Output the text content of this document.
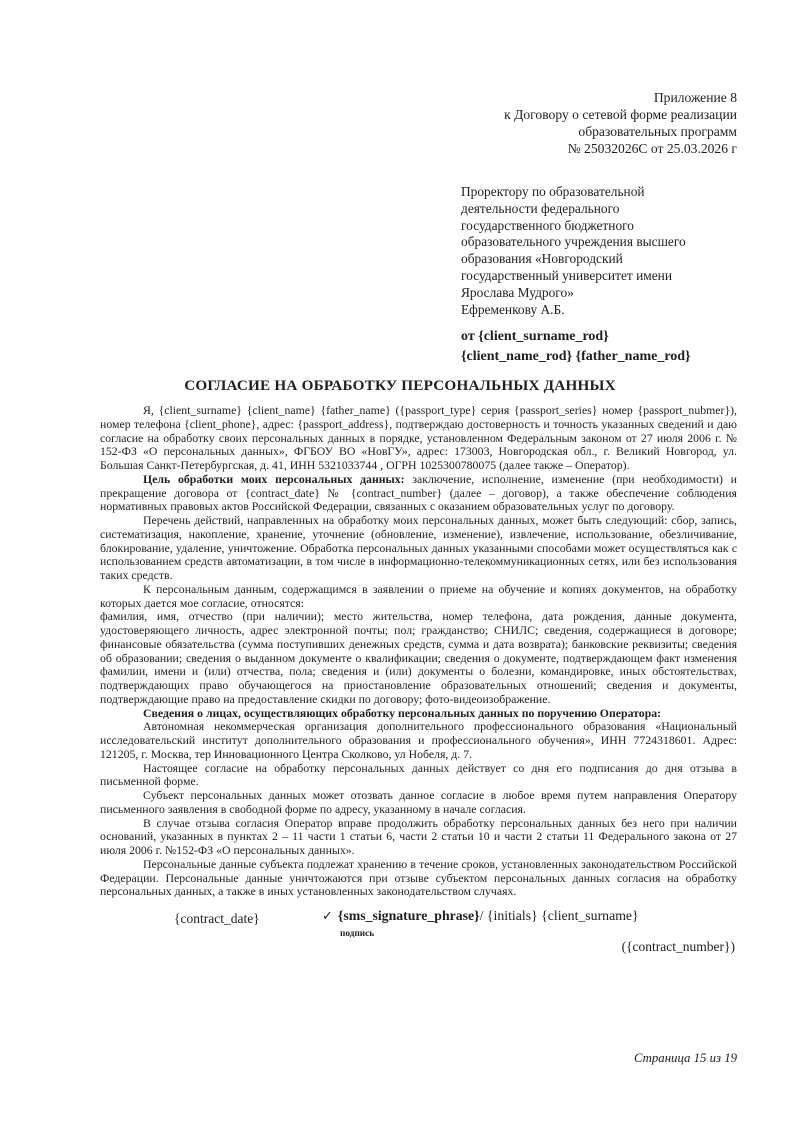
Приложение 8
к Договору о сетевой форме реализации
образовательных программ
№ 25032026С от 25.03.2026 г
Проректору по образовательной
деятельности федерального
государственного бюджетного
образовательного учреждения высшего
образования «Новгородский
государственный университет имени
Ярослава Мудрого»
Ефременкову А.Б.
от {client_surname_rod}
{client_name_rod} {father_name_rod}
СОГЛАСИЕ НА ОБРАБОТКУ ПЕРСОНАЛЬНЫХ ДАННЫХ

Я, {client_surname} {client_name} {father_name} ({passport_type} серия {passport_series} номер {passport_nubmer}), номер телефона {client_phone}, адрес: {passport_address}, подтверждаю достоверность и точность указанных сведений и даю согласие на обработку своих персональных данных в порядке, установленном Федеральным законом от 27 июля 2006 г. № 152-ФЗ «О персональных данных», ФГБОУ ВО «НовГУ», адрес: 173003, Новгородская обл., г. Великий Новгород, ул. Большая Санкт-Петербургская, д. 41, ИНН 5321033744 , ОГРН 1025300780075 (далее также – Оператор).

Цель обработки моих персональных данных: заключение, исполнение, изменение (при необходимости) и прекращение договора от {contract_date} № {contract_number} (далее – договор), а также обеспечение соблюдения нормативных правовых актов Российской Федерации, связанных с оказанием образовательных услуг по договору.

Перечень действий, направленных на обработку моих персональных данных, может быть следующий: сбор, запись, систематизация, накопление, хранение, уточнение (обновление, изменение), извлечение, использование, обезличивание, блокирование, удаление, уничтожение. Обработка персональных данных указанными способами может осуществляться как с использованием средств автоматизации, в том числе в информационно-телекоммуникационных сетях, или без использования таких средств.

К персональным данным, содержащимся в заявлении о приеме на обучение и копиях документов, на обработку которых дается мое согласие, относятся:

фамилия, имя, отчество (при наличии); место жительства, номер телефона, дата рождения, данные документа, удостоверяющего личность, адрес электронной почты; пол; гражданство; СНИЛС; сведения, содержащиеся в договоре; финансовые обязательства (сумма поступивших денежных средств, сумма и дата возврата); банковские реквизиты; сведения об образовании; сведения о выданном документе о квалификации; сведения о документе, подтверждающем факт изменения фамилии, имени и (или) отчества, пола; сведения и (или) документы о болезни, командировке, иных обстоятельствах, подтверждающих право обучающегося на приостановление образовательных отношений; сведения и документы, подтверждающие право на предоставление скидки по договору; фото-видеоизображение.

Сведения о лицах, осуществляющих обработку персональных данных по поручению Оператора:

Автономная некоммерческая организация дополнительного профессионального образования «Национальный исследовательский институт дополнительного образования и профессионального обучения», ИНН 7724318601. Адрес: 121205, г. Москва, тер Инновационного Центра Сколково, ул Нобеля, д. 7.

Настоящее согласие на обработку персональных данных действует со дня его подписания до дня отзыва в письменной форме.

Субъект персональных данных может отозвать данное согласие в любое время путем направления Оператору письменного заявления в свободной форме по адресу, указанному в начале согласия.

В случае отзыва согласия Оператор вправе продолжить обработку персональных данных без него при наличии оснований, указанных в пунктах 2 – 11 части 1 статьи 6, части 2 статьи 10 и части 2 статьи 11 Федерального закона от 27 июля 2006 г. №152-ФЗ «О персональных данных».

Персональные данные субъекта подлежат хранению в течение сроков, установленных законодательством Российской Федерации. Персональные данные уничтожаются при отзыве субъектом персональных данных согласия на обработку персональных данных, а также в иных установленных законодательством случаях.

{contract_date}	✓ {sms_signature_phrase}/ {initials} {client_surname}
подпись
({contract_number})
Страница 15 из 19
